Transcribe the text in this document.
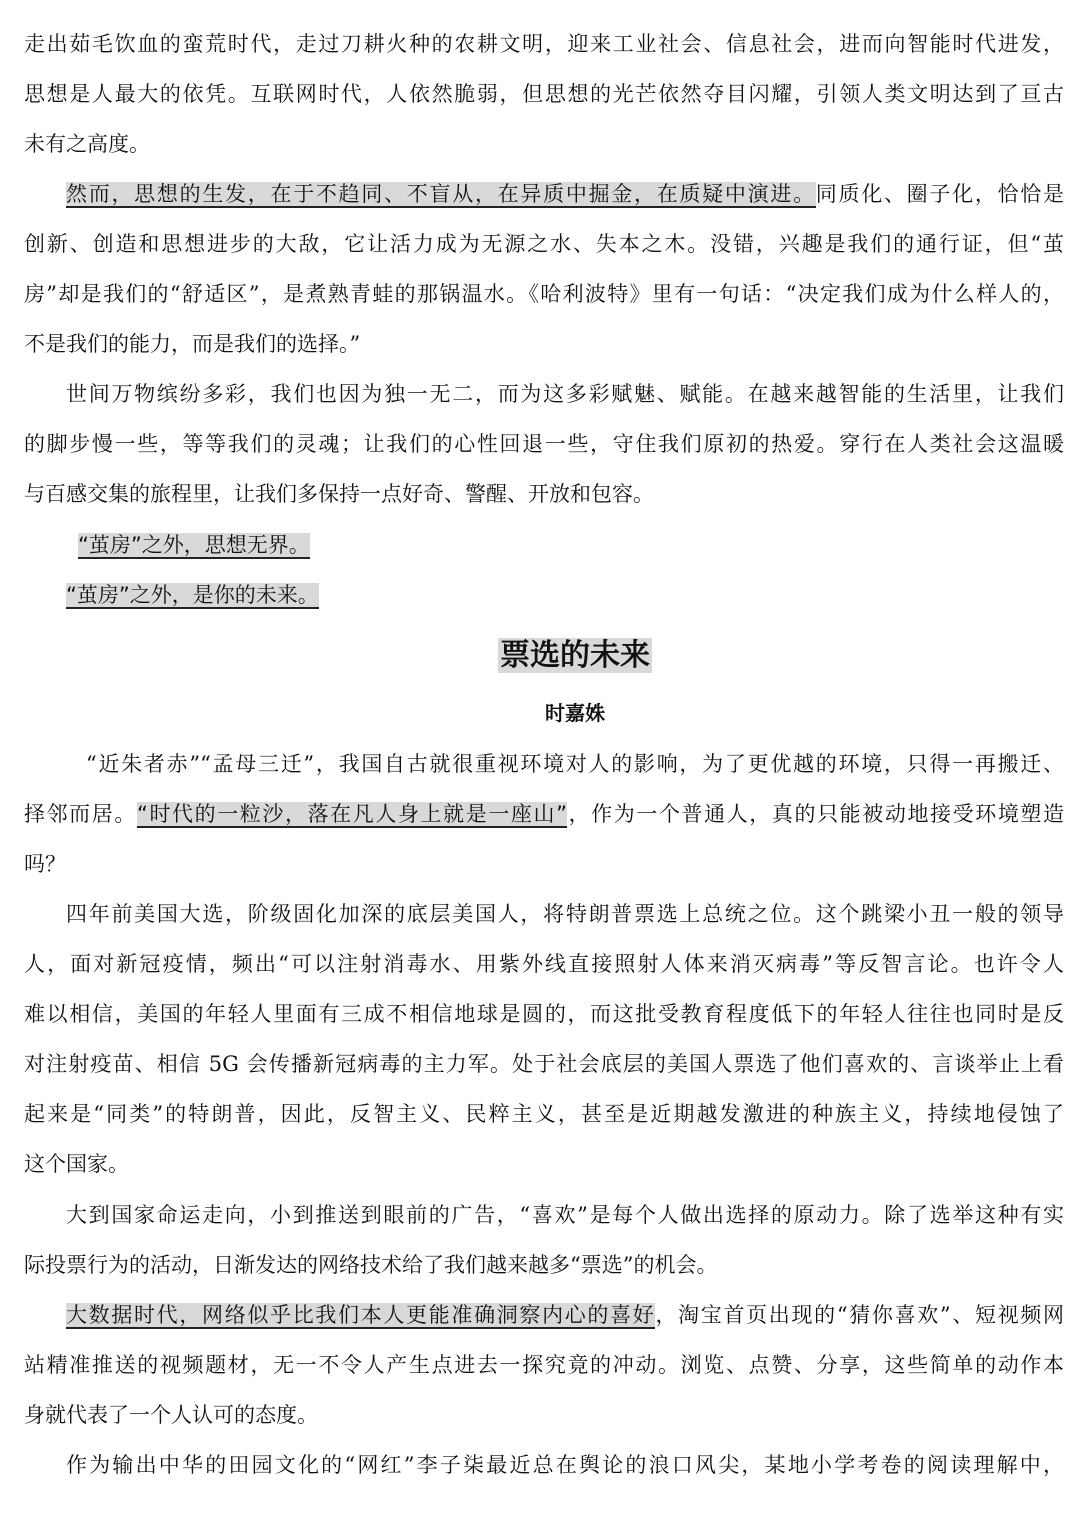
走出茹毛饮血的蛮荒时代，走过刀耕火种的农耕文明，迎来工业社会、信息社会，进而向智能时代进发，
思想是人最大的依凭。互联网时代，人依然脆弱，但思想的光芒依然夺目闪耀，引领人类文明达到了亘古
未有之高度。
然而，思想的生发，在于不趋同、不盲从，在异质中掘金，在质疑中演进。同质化、圈子化，恰恰是
创新、创造和思想进步的大敌，它让活力成为无源之水、失本之木。没错，兴趣是我们的通行证，但“茧
房”却是我们的“舒适区”，是煮熟青蛙的那锅温水。《哈利波特》里有一句话：“决定我们成为什么样人的，
不是我们的能力，而是我们的选择。”
世间万物缤纷多彩，我们也因为独一无二，而为这多彩赋魅、赋能。在越来越智能的生活里，让我们
的脚步慢一些，等等我们的灵魂；让我们的心性回退一些，守住我们原初的热爱。穿行在人类社会这温暖
与百感交集的旅程里，让我们多保持一点好奇、警醒、开放和包容。
“茧房”之外，思想无界。
“茧房”之外，是你的未来。
票选的未来
时嘉姝
“近朱者赤”“孟母三迁”，我国自古就很重视环境对人的影响，为了更优越的环境，只得一再搬迁、
择邻而居。“时代的一粒沙，落在凡人身上就是一座山”，作为一个普通人，真的只能被动地接受环境塑造
吗？
四年前美国大选，阶级固化加深的底层美国人，将特朗普票选上总统之位。这个跳梁小丑一般的领导
人，面对新冠疫情，频出“可以注射消毒水、用紫外线直接照射人体来消灭病毒”等反智言论。也许令人
难以相信，美国的年轻人里面有三成不相信地球是圆的，而这批受教育程度低下的年轻人往往也同时是反
对注射疫苗、相信 5G 会传播新冠病毒的主力军。处于社会底层的美国人票选了他们喜欢的、言谈举止上看
起来是“同类”的特朗普，因此，反智主义、民粹主义，甚至是近期越发激进的种族主义，持续地侵蚀了
这个国家。
大到国家命运走向，小到推送到眼前的广告，“喜欢”是每个人做出选择的原动力。除了选举这种有实
际投票行为的活动，日渐发达的网络技术给了我们越来越多“票选”的机会。
大数据时代，网络似乎比我们本人更能准确洞察内心的喜好，淘宝首页出现的“猜你喜欢”、短视频网
站精准推送的视频题材，无一不令人产生点进去一探究竟的冲动。浏览、点赞、分享，这些简单的动作本
身就代表了一个人认可的态度。
作为输出中华的田园文化的“网红”李子柒最近总在舆论的浪口风尖，某地小学考卷的阅读理解中，
